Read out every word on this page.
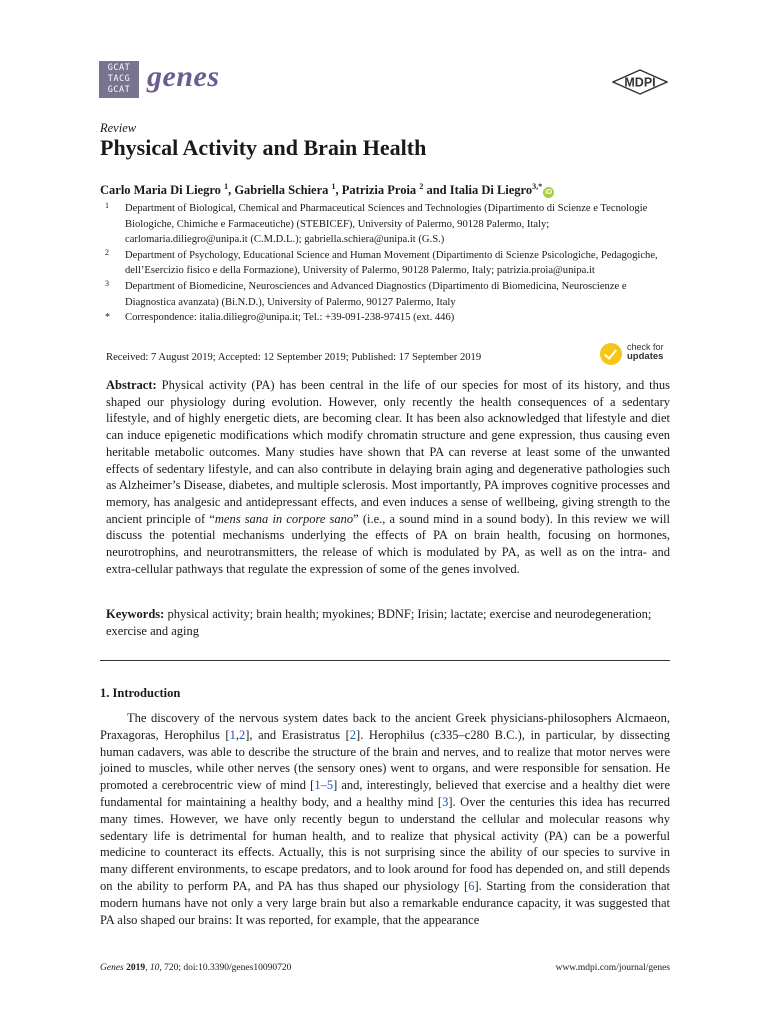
GCAT
TACG
GCAT genes	MDPI
Review
Physical Activity and Brain Health
Carlo Maria Di Liegro $^1$, Gabriella Schiera $^1$, Patrizia Proia $^2$ and Italia Di Liegro$^{3,*}$iD
1 Department of Biological, Chemical and Pharmaceutical Sciences and Technologies (Dipartimento di Scienze e Tecnologie Biologiche, Chimiche e Farmaceutiche) (STEBICEF), University of Palermo, 90128 Palermo, Italy; carlomaria.diliegro@unipa.it (C.M.D.L.); gabriella.schiera@unipa.it (G.S.)
2 Department of Psychology, Educational Science and Human Movement (Dipartimento di Scienze Psicologiche, Pedagogiche, dell’Esercizio fisico e della Formazione), University of Palermo, 90128 Palermo, Italy; patrizia.proia@unipa.it
3 Department of Biomedicine, Neurosciences and Advanced Diagnostics (Dipartimento di Biomedicina, Neuroscienze e Diagnostica avanzata) (Bi.N.D.), University of Palermo, 90127 Palermo, Italy
* Correspondence: italia.diliegro@unipa.it; Tel.: +39-091-238-97415 (ext. 446)
Received: 7 August 2019; Accepted: 12 September 2019; Published: 17 September 2019
check for
updates
Abstract: Physical activity (PA) has been central in the life of our species for most of its history, and thus shaped our physiology during evolution. However, only recently the health consequences of a sedentary lifestyle, and of highly energetic diets, are becoming clear. It has been also acknowledged that lifestyle and diet can induce epigenetic modifications which modify chromatin structure and gene expression, thus causing even heritable metabolic outcomes. Many studies have shown that PA can reverse at least some of the unwanted effects of sedentary lifestyle, and can also contribute in delaying brain aging and degenerative pathologies such as Alzheimer’s Disease, diabetes, and multiple sclerosis. Most importantly, PA improves cognitive processes and memory, has analgesic and antidepressant effects, and even induces a sense of wellbeing, giving strength to the ancient principle of “mens sana in corpore sano” (i.e., a sound mind in a sound body). In this review we will discuss the potential mechanisms underlying the effects of PA on brain health, focusing on hormones, neurotrophins, and neurotransmitters, the release of which is modulated by PA, as well as on the intra- and extra-cellular pathways that regulate the expression of some of the genes involved.
Keywords: physical activity; brain health; myokines; BDNF; Irisin; lactate; exercise and neurodegeneration; exercise and aging
1. Introduction
The discovery of the nervous system dates back to the ancient Greek physicians-philosophers Alcmaeon, Praxagoras, Herophilus [1,2], and Erasistratus [2]. Herophilus (c335–c280 B.C.), in particular, by dissecting human cadavers, was able to describe the structure of the brain and nerves, and to realize that motor nerves were joined to muscles, while other nerves (the sensory ones) went to organs, and were responsible for sensation. He promoted a cerebrocentric view of mind [1–5] and, interestingly, believed that exercise and a healthy diet were fundamental for maintaining a healthy body, and a healthy mind [3]. Over the centuries this idea has recurred many times. However, we have only recently begun to understand the cellular and molecular reasons why sedentary life is detrimental for human health, and to realize that physical activity (PA) can be a powerful medicine to counteract its effects. Actually, this is not surprising since the ability of our species to survive in many different environments, to escape predators, and to look around for food has depended on, and still depends on the ability to perform PA, and PA has thus shaped our physiology [6]. Starting from the consideration that modern humans have not only a very large brain but also a remarkable endurance capacity, it was suggested that PA also shaped our brains: It was reported, for example, that the appearance
Genes 2019, 10, 720; doi:10.3390/genes10090720	www.mdpi.com/journal/genes
